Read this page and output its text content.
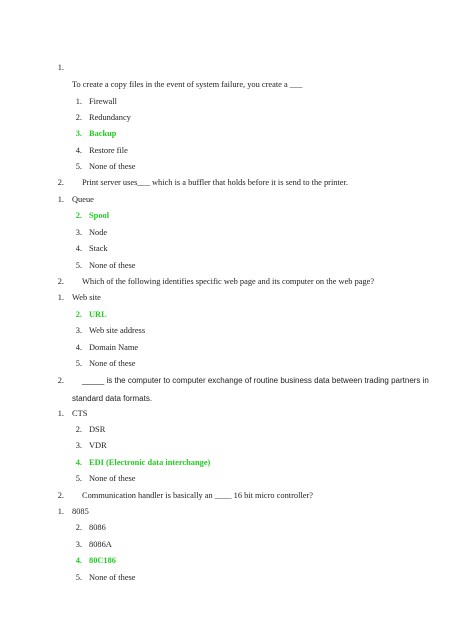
1.
To create a copy files in the event of system failure, you create a ___
1. Firewall
2. Redundancy
3. Backup
4. Restore file
5. None of these
2. Print server uses___ which is a buffler that holds before it is send to the printer.
1. Queue
2. Spool
3. Node
4. Stack
5. None of these
2. Which of the following identifies specific web page and its computer on the web page?
1. Web site
2. URL
3. Web site address
4. Domain Name
5. None of these
2. _____ is the computer to computer exchange of routine business data between trading partners in
standard data formats.
1. CTS
2. DSR
3. VDR
4. EDI (Electronic data interchange)
5. None of these
2. Communication handler is basically an ____ 16 bit micro controller?
1. 8085
2. 8086
3. 8086A
4. 80C186
5. None of these
